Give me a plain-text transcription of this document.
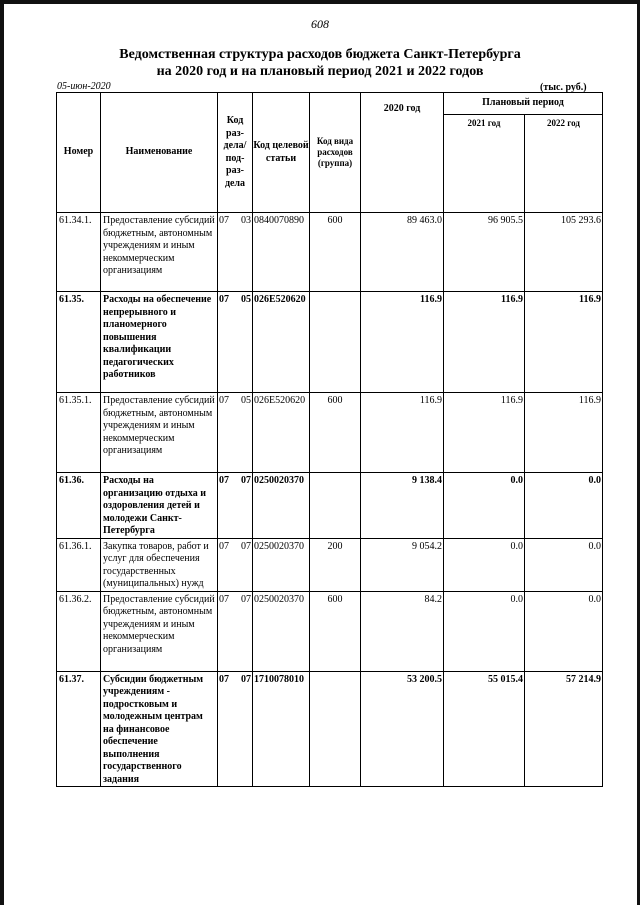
608
Ведомственная структура расходов бюджета Санкт-Петербурга
на 2020 год и на плановый период 2021 и 2022 годов
05-июн-2020	(тыс. руб.)
Номер	Наименование	Код раз- дела/ под- раз- дела	Код целевой статьи	Код вида расходов (группа)	2020 год	Плановый период	
						2021 год	2022 год
61.34.1.	Предоставление субсидий бюджетным, автономным учреждениям и иным некоммерческим организациям	07 03	0840070890	600	89 463.0	96 905.5	105 293.6
61.35.	Расходы на обеспечение непрерывного и планомерного повышения квалификации педагогических работников	07 05	026E520620		116.9	116.9	116.9
61.35.1.	Предоставление субсидий бюджетным, автономным учреждениям и иным некоммерческим организациям	07 05	026E520620	600	116.9	116.9	116.9
61.36.	Расходы на организацию отдыха и оздоровления детей и молодежи Санкт-Петербурга	07 07	0250020370		9 138.4	0.0	0.0
61.36.1.	Закупка товаров, работ и услуг для обеспечения государственных (муниципальных) нужд	07 07	0250020370	200	9 054.2	0.0	0.0
61.36.2.	Предоставление субсидий бюджетным, автономным учреждениям и иным некоммерческим организациям	07 07	0250020370	600	84.2	0.0	0.0
61.37.	Субсидии бюджетным учреждениям - подростковым и молодежным центрам на финансовое обеспечение выполнения государственного задания	07 07	1710078010		53 200.5	55 015.4	57 214.9
